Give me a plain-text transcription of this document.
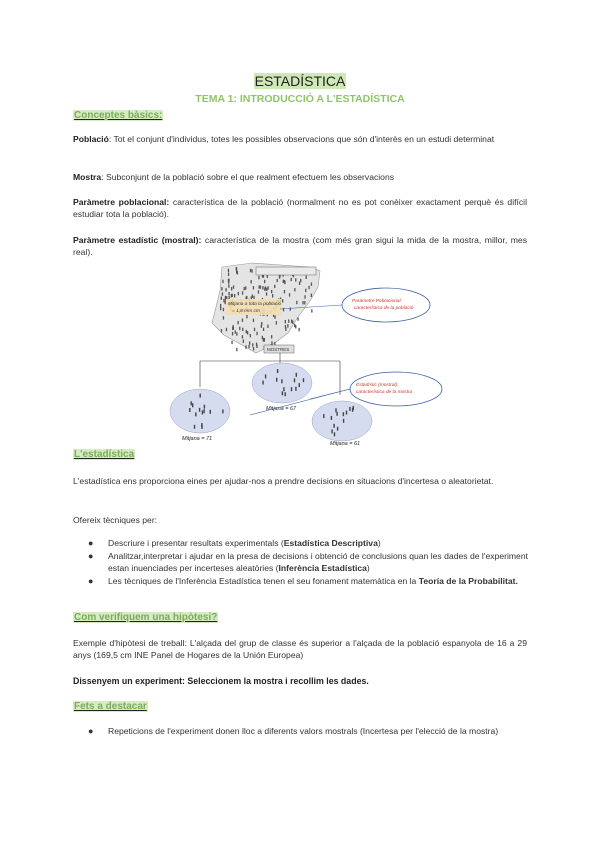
ESTADÍSTICA
TEMA 1: INTRODUCCIÓ A L'ESTADÍSTICA
Conceptes bàsics:
Població: Tot el conjunt d'individus, totes les possibles observacions que són d'interès en un estudi determinat
Mostra: Subconjunt de la població sobre el que realment efectuem les observacions
Paràmetre poblacional: característica de la població (normalment no es pot conèixer exactament perquè és difícil estudiar tota la població).
Paràmetre estadístic (mostral): característica de la mostra (com més gran sigui la mida de la mostra, millor, mes real).
Mitjana a tota la població = 1,8 mm cm
MOSTRES
Mitjana = 71
Mitjana = 67
Mitjana = 61
Paràmetre Poblacional: característica de la població
Estadístic (mostral): característica de la mostra
L'estadística
L'estadística ens proporciona eines per ajudar-nos a prendre decisions en situacions d'incertesa o aleatorietat.
Ofereix tècniques per:
● Descriure i presentar resultats experimentals (Estadística Descriptiva)
● Analitzar,interpretar i ajudar en la presa de decisions i obtenció de conclusions quan les dades de l'experiment estan inuenciades per incerteses aleatòries (Inferència Estadística)
● Les tècniques de l'Inferència Estadística tenen el seu fonament matemàtica en la Teoría de la Probabilitat.
Com verifiquem una hipòtesi?
Exemple d'hipòtesi de treball: L'alçada del grup de classe és superior a l'alçada de la població espanyola de 16 a 29 anys (169,5 cm INE Panel de Hogares de la Unión Europea)
Dissenyem un experiment: Seleccionem la mostra i recollim les dades.
Fets a destacar
● Repeticions de l'experiment donen lloc a diferents valors mostrals (Incertesa per l'elecció de la mostra)
